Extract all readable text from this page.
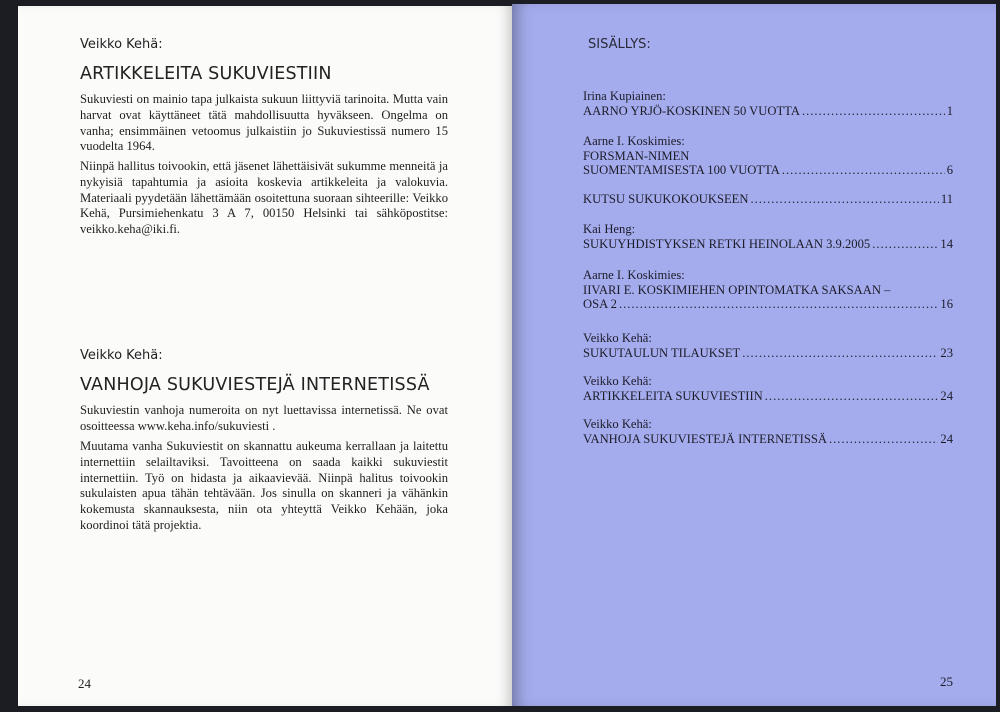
Veikko Kehä:
ARTIKKELEITA SUKUVIESTIIN

Sukuviesti on mainio tapa julkaista sukuun liittyviä tarinoita. Mutta vain harvat ovat käyttäneet tätä mahdollisuutta hyväkseen. Ongelma on vanha; ensimmäinen vetoomus julkaistiin jo Sukuviestissä numero 15 vuodelta 1964.

Niinpä hallitus toivookin, että jäsenet lähettäisivät sukumme menneitä ja nykyisiä tapahtumia ja asioita koskevia artikkeleita ja valokuvia. Materiaali pyydetään lähettämään osoitettuna suoraan sihteerille: Veikko Kehä, Pursimiehenkatu 3 A 7, 00150 Helsinki tai sähköpostitse: veikko.keha@iki.fi.

Veikko Kehä:
VANHOJA SUKUVIESTEJÄ INTERNETISSÄ

Sukuviestin vanhoja numeroita on nyt luettavissa internetissä. Ne ovat osoitteessa www.keha.info/sukuviesti .

Muutama vanha Sukuviestit on skannattu aukeuma kerrallaan ja laitettu internettiin selailtaviksi. Tavoitteena on saada kaikki sukuviestit internettiin. Työ on hidasta ja aikaavievää. Niinpä halitus toivookin sukulaisten apua tähän tehtävään. Jos sinulla on skanneri ja vähänkin kokemusta skannauksesta, niin ota yhteyttä Veikko Kehään, joka koordinoi tätä projektia.

24
SISÄLLYS:
Irina Kupiainen:
AARNO YRJÖ-KOSKINEN 50 VUOTTA .....	1
Aarne I. Koskimies:
FORSMAN-NIMEN
SUOMENTAMISESTA 100 VUOTTA .....	6
KUTSU SUKUKOKOUKSEEN .....	11
Kai Heng:
SUKUYHDISTYKSEN RETKI HEINOLAAN 3.9.2005 .....	14
Aarne I. Koskimies:
IIVARI E. KOSKIMIEHEN OPINTOMATKA SAKSAAN –
OSA 2 .....	16
Veikko Kehä:
SUKUTAULUN TILAUKSET .....	23
Veikko Kehä:
ARTIKKELEITA SUKUVIESTIIN .....	24
Veikko Kehä:
VANHOJA SUKUVIESTEJÄ INTERNETISSÄ .....	24
25
